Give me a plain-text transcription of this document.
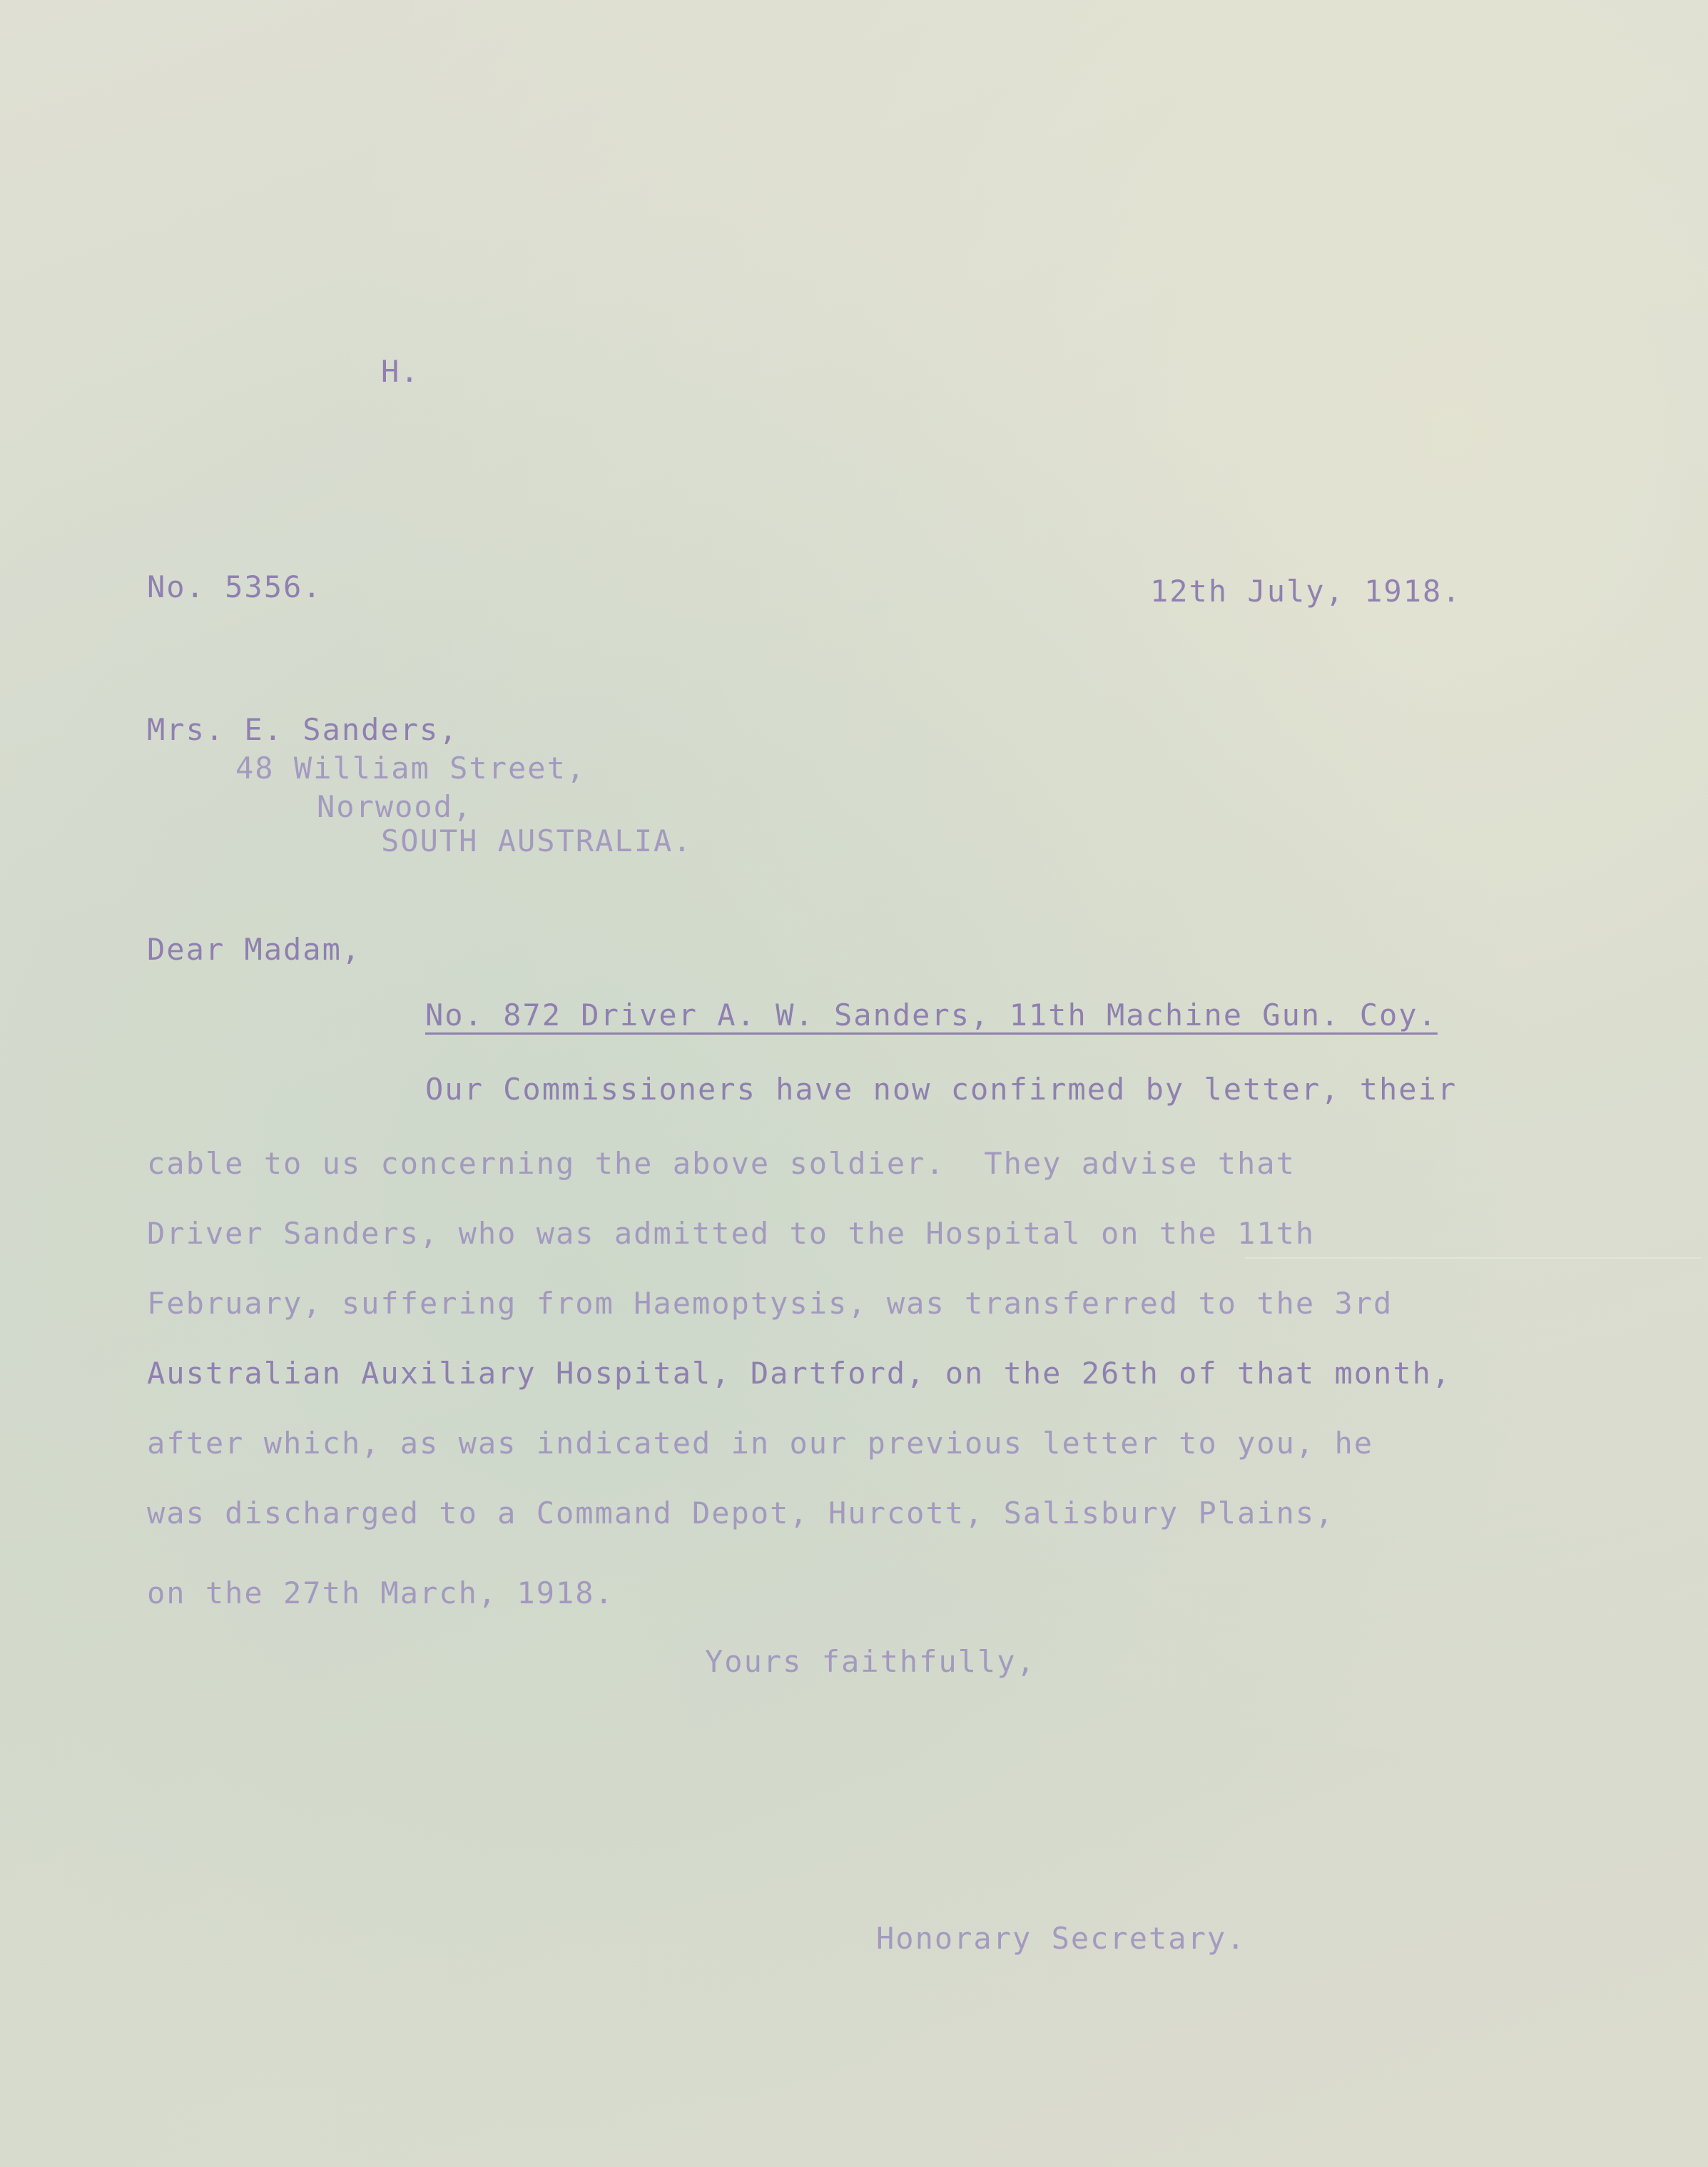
H.
No. 5356.	12th July, 1918.
Mrs. E. Sanders,
48 William Street,
Norwood,
SOUTH AUSTRALIA.
Dear Madam,
No. 872 Driver A. W. Sanders, 11th Machine Gun. Coy.
Our Commissioners have now confirmed by letter, their
cable to us concerning the above soldier.  They advise that
Driver Sanders, who was admitted to the Hospital on the 11th
February, suffering from Haemoptysis, was transferred to the 3rd
Australian Auxiliary Hospital, Dartford, on the 26th of that month,
after which, as was indicated in our previous letter to you, he
was discharged to a Command Depot, Hurcott, Salisbury Plains,
on the 27th March, 1918.
Yours faithfully,
Honorary Secretary.
